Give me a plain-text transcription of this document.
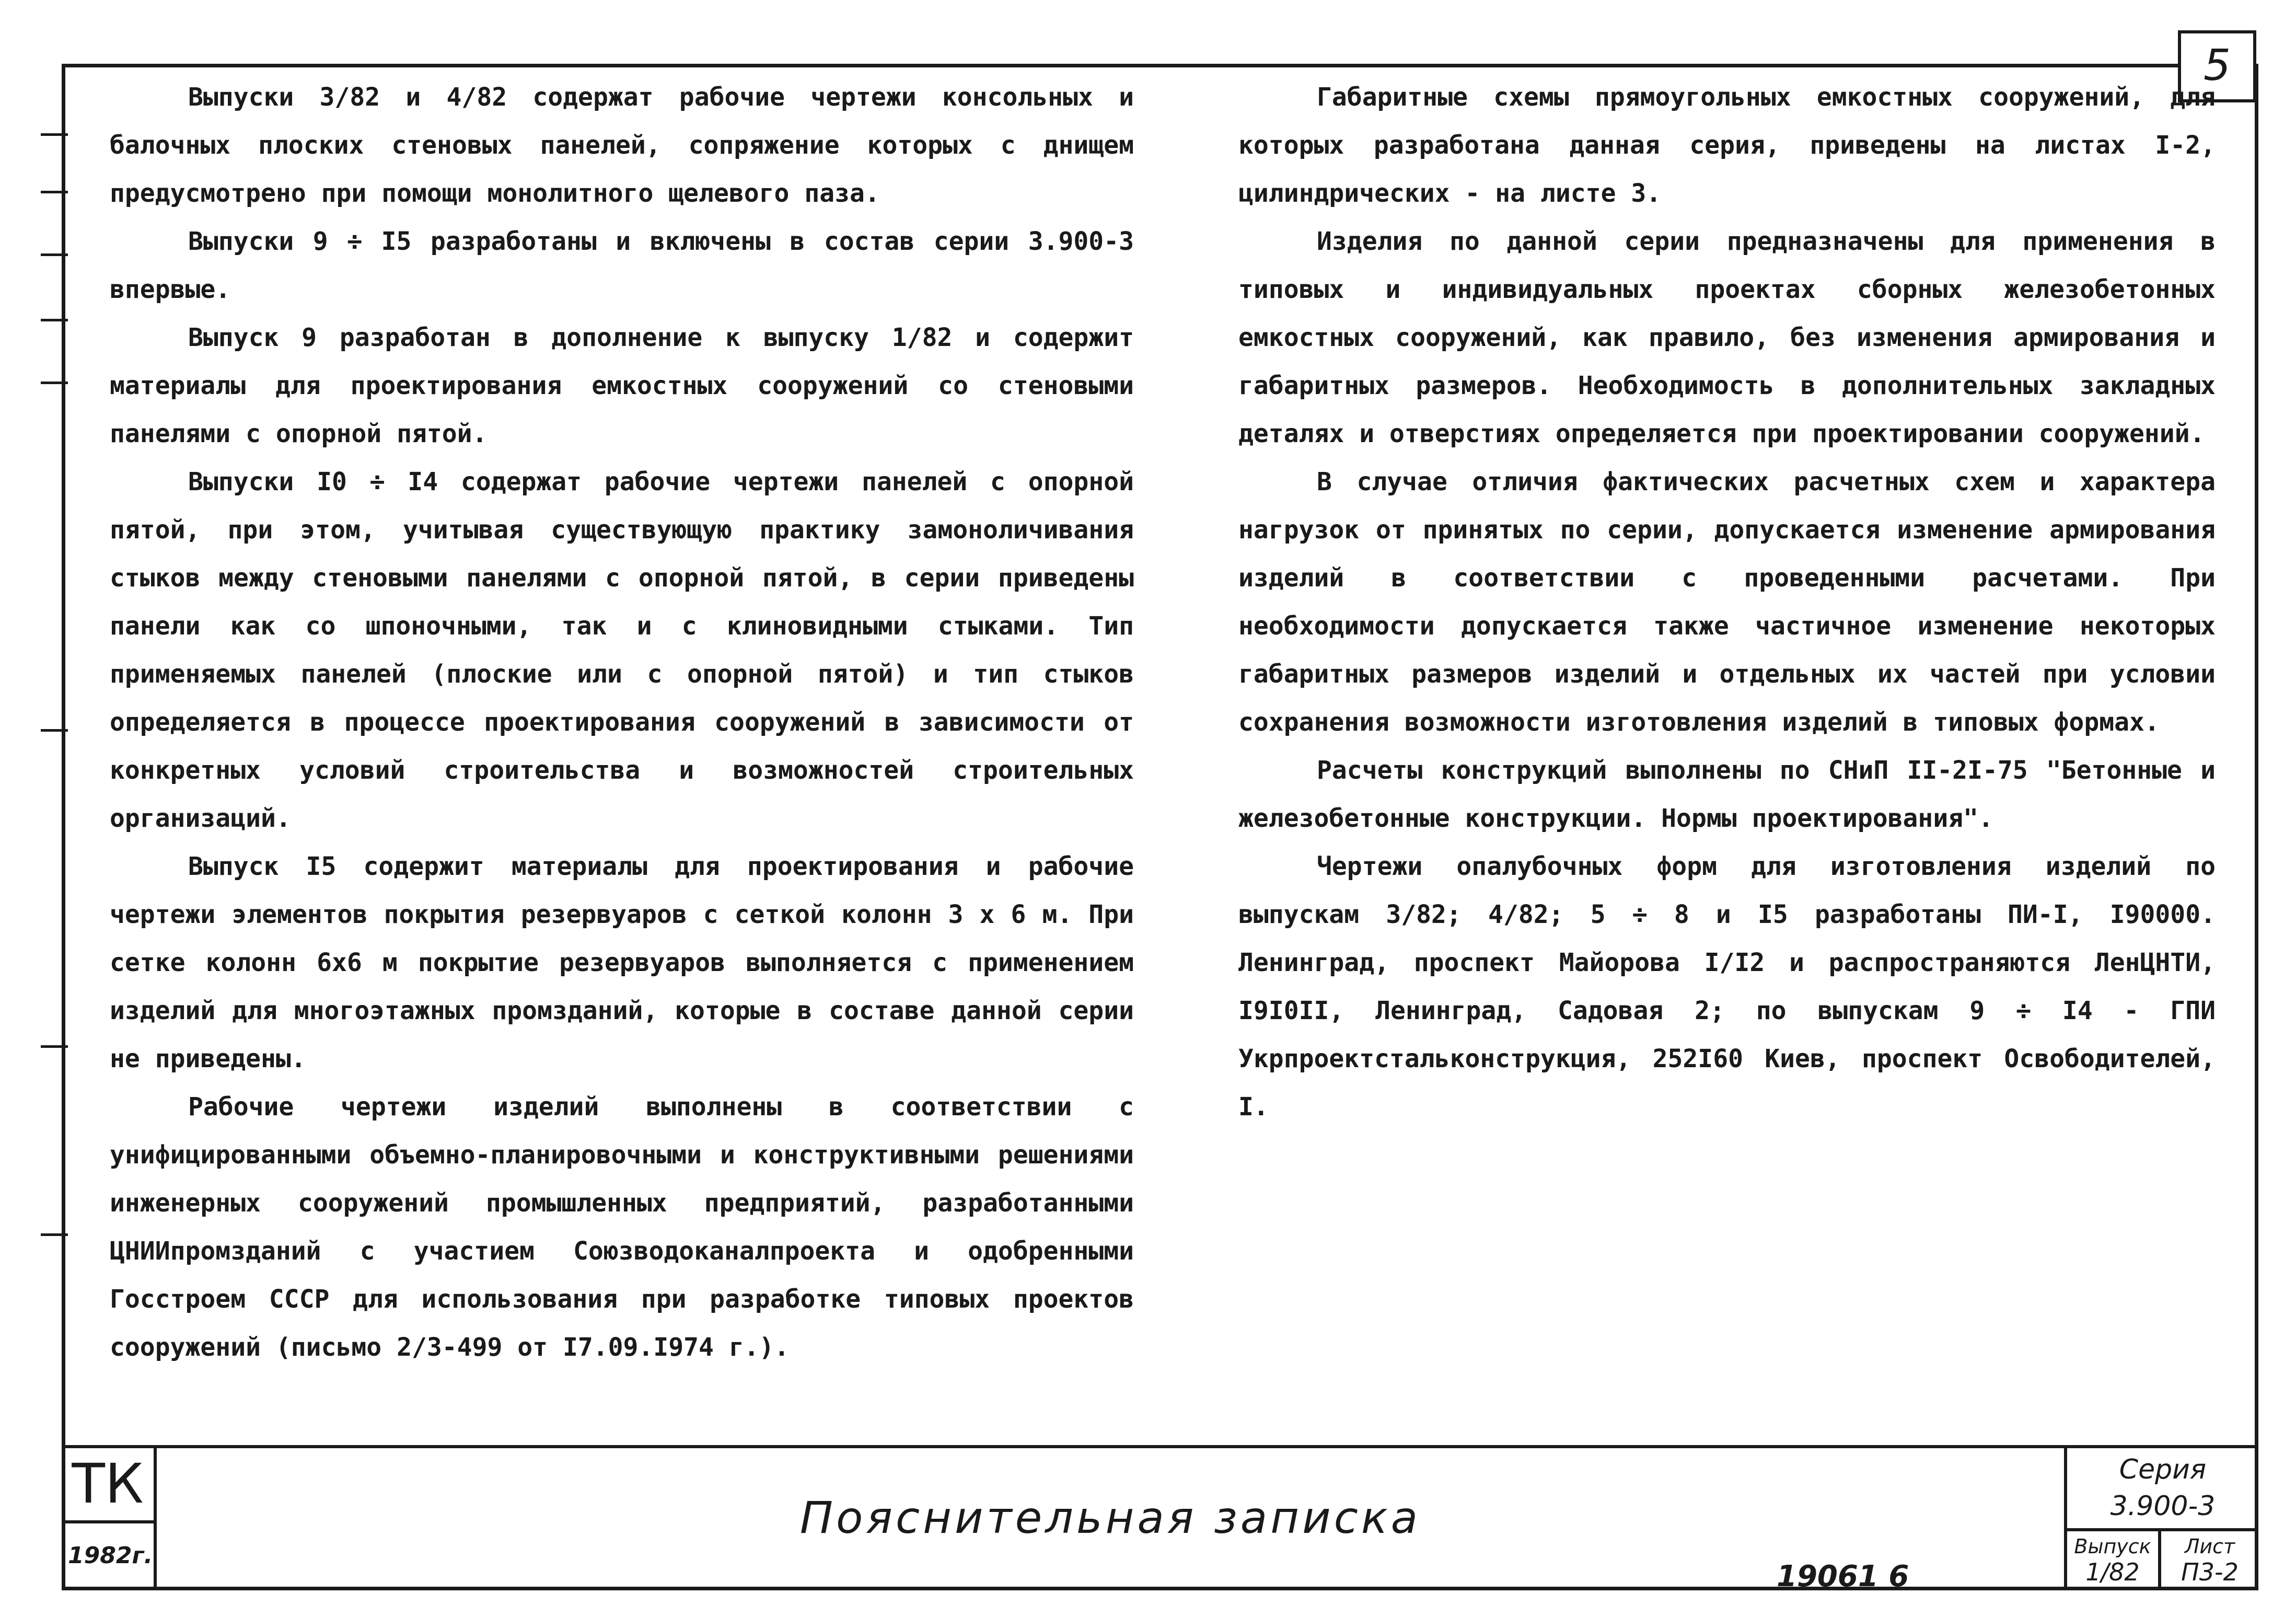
5

Выпуски 3/82 и 4/82 содержат рабочие чертежи консольных и балочных плоских стеновых панелей, сопряжение которых с днищем предусмотрено при помощи монолитного щелевого паза.

Выпуски 9 ÷ I5 разработаны и включены в состав серии 3.900-3 впервые.

Выпуск 9 разработан в дополнение к выпуску 1/82 и содержит материалы для проектирования емкостных сооружений со стеновыми панелями с опорной пятой.

Выпуски I0 ÷ I4 содержат рабочие чертежи панелей с опорной пятой, при этом, учитывая существующую практику замоноличивания стыков между стеновыми панелями с опорной пятой, в серии приведены панели как со шпоночными, так и с клиновидными стыками. Тип применяемых панелей (плоские или с опорной пятой) и тип стыков определяется в процессе проектирования сооружений в зависимости от конкретных условий строительства и возможностей строительных организаций.

Выпуск I5 содержит материалы для проектирования и рабочие чертежи элементов покрытия резервуаров с сеткой колонн 3 х 6 м. При сетке колонн 6х6 м покрытие резервуаров выполняется с применением изделий для многоэтажных промзданий, которые в составе данной серии не приведены.

Рабочие чертежи изделий выполнены в соответствии с унифицированными объемно-планировочными и конструктивными решениями инженерных сооружений промышленных предприятий, разработанными ЦНИИпромзданий с участием Союзводоканалпроекта и одобренными Госстроем СССР для использования при разработке типовых проектов сооружений (письмо 2/3-499 от I7.09.I974 г.).

Габаритные схемы прямоугольных емкостных сооружений, для которых разработана данная серия, приведены на листах I-2, цилиндрических - на листе 3.

Изделия по данной серии предназначены для применения в типовых и индивидуальных проектах сборных железобетонных емкостных сооружений, как правило, без изменения армирования и габаритных размеров. Необходимость в дополнительных закладных деталях и отверстиях определяется при проектировании сооружений.

В случае отличия фактических расчетных схем и характера нагрузок от принятых по серии, допускается изменение армирования изделий в соответствии с проведенными расчетами. При необходимости допускается также частичное изменение некоторых габаритных размеров изделий и отдельных их частей при условии сохранения возможности изготовления изделий в типовых формах.

Расчеты конструкций выполнены по СНиП II-2I-75 "Бетонные и железобетонные конструкции. Нормы проектирования".

Чертежи опалубочных форм для изготовления изделий по выпускам 3/82; 4/82; 5 ÷ 8 и I5 разработаны ПИ-I, I90000. Ленинград, проспект Майорова I/I2 и распространяются ЛенЦНТИ, I9I0II, Ленинград, Садовая 2; по выпускам 9 ÷ I4 - ГПИ Укрпроектстальконструкция, 252I60 Киев, проспект Освободителей, I.

ТК
1982г.
Пояснительная записка
Серия
3.900-3
Выпуск
1/82
Лист
П3-2
19061 6
